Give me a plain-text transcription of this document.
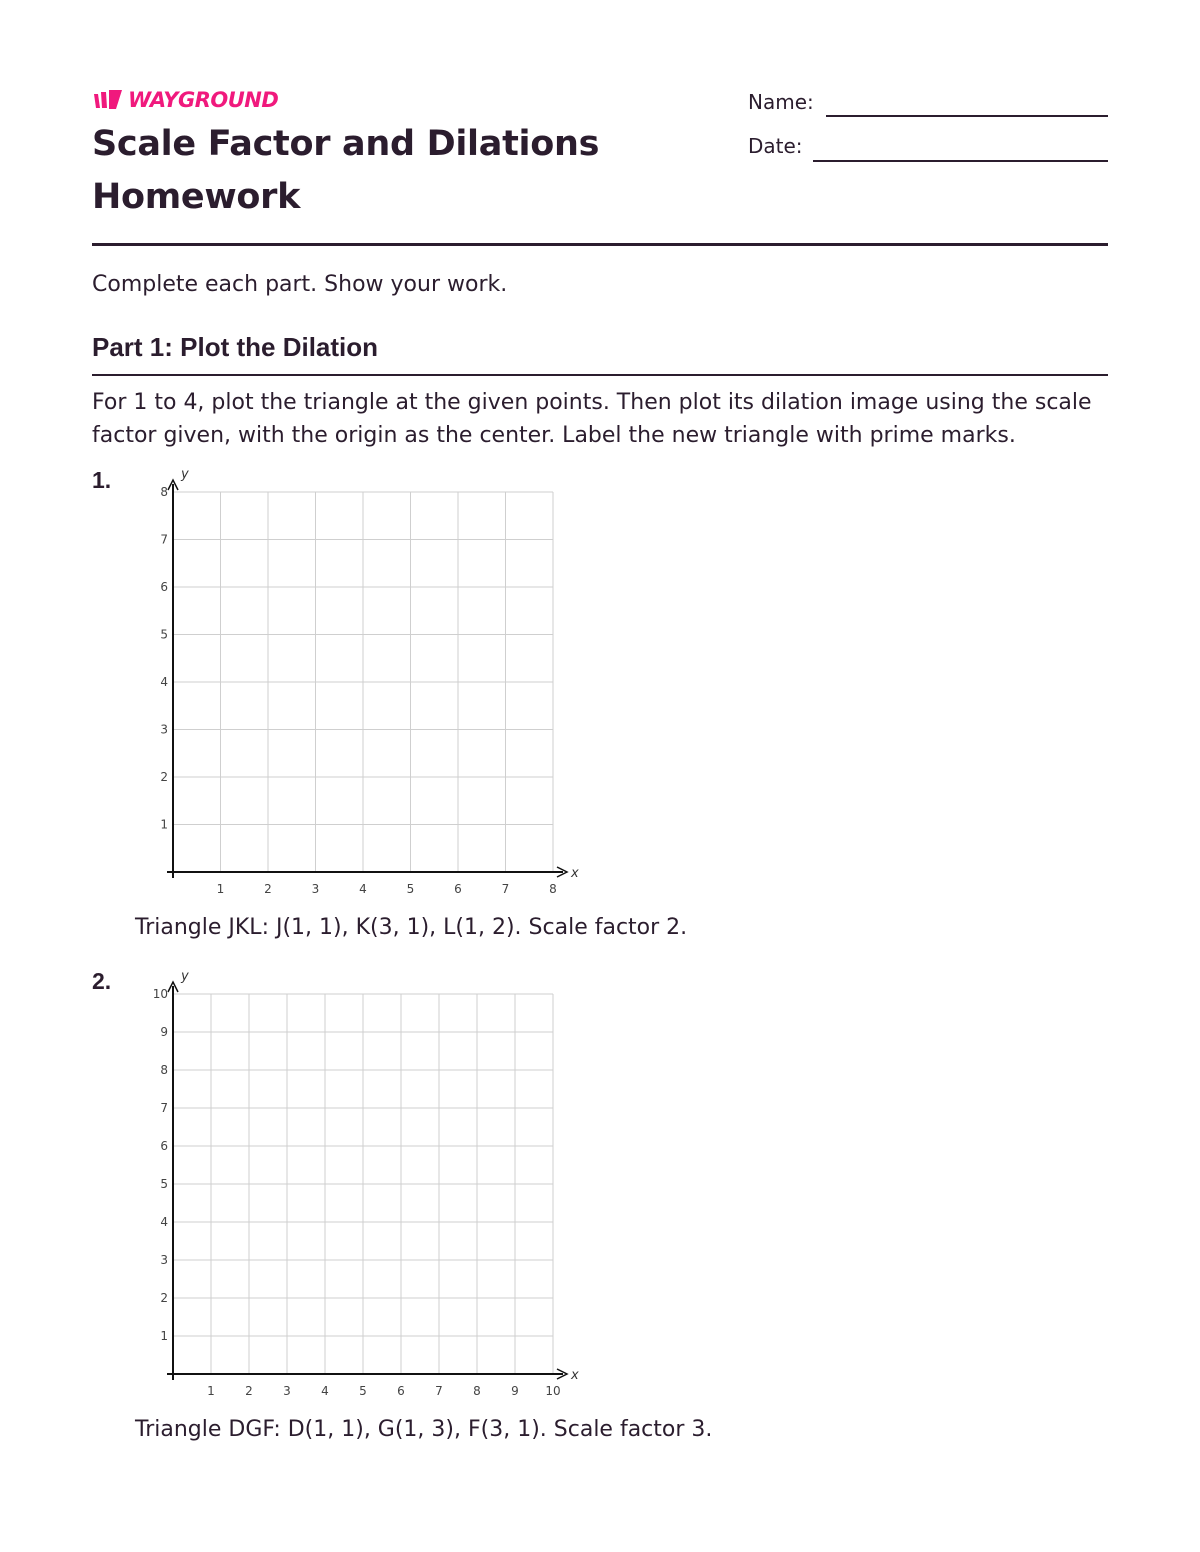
WAYGROUND
Scale Factor and Dilations Homework
Name:
Date:
Complete each part. Show your work.
Part 1: Plot the Dilation
For 1 to 4, plot the triangle at the given points. Then plot its dilation image using the scale factor given, with the origin as the center. Label the new triangle with prime marks.
1.
x
y
1	2	3	4	5	6	7	8
1
2
3
4
5
6
7
8
Triangle JKL: J(1, 1), K(3, 1), L(1, 2). Scale factor 2.
2.
x
y
1	2	3	4	5	6	7	8	9 10
1
2
3
4
5
6
7
8
9
10
Triangle DGF: D(1, 1), G(1, 3), F(3, 1). Scale factor 3.
